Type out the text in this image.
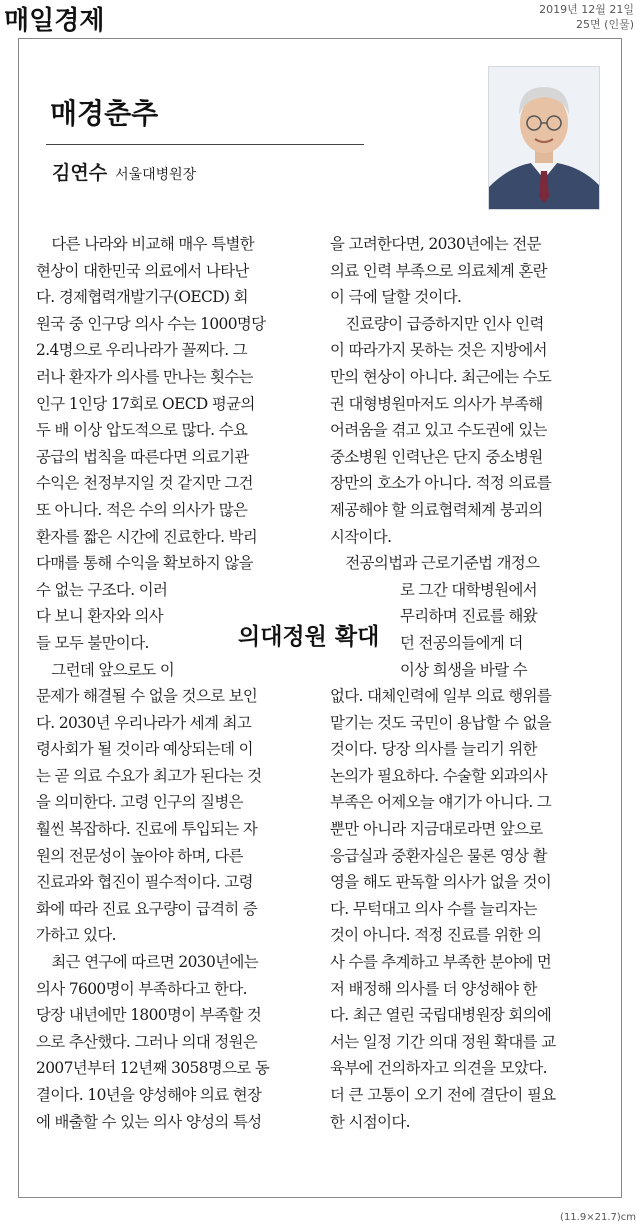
매일경제	2019년 12월 21일
25면 (인물)
매경춘추
김연수 서울대병원장
다른 나라와 비교해 매우 특별한
현상이 대한민국 의료에서 나타난
다. 경제협력개발기구(OECD) 회
원국 중 인구당 의사 수는 1000명당
2.4명으로 우리나라가 꼴찌다. 그
러나 환자가 의사를 만나는 횟수는
인구 1인당 17회로 OECD 평균의
두 배 이상 압도적으로 많다. 수요
공급의 법칙을 따른다면 의료기관
수익은 천정부지일 것 같지만 그건
또 아니다. 적은 수의 의사가 많은
환자를 짧은 시간에 진료한다. 박리
다매를 통해 수익을 확보하지 않을
수 없는 구조다. 이러
다 보니 환자와 의사
들 모두 불만이다.
그런데 앞으로도 이
문제가 해결될 수 없을 것으로 보인
다. 2030년 우리나라가 세계 최고
령사회가 될 것이라 예상되는데 이
는 곧 의료 수요가 최고가 된다는 것
을 의미한다. 고령 인구의 질병은
훨씬 복잡하다. 진료에 투입되는 자
원의 전문성이 높아야 하며, 다른
진료과와 협진이 필수적이다. 고령
화에 따라 진료 요구량이 급격히 증
가하고 있다.
최근 연구에 따르면 2030년에는
의사 7600명이 부족하다고 한다.
당장 내년에만 1800명이 부족할 것
으로 추산했다. 그러나 의대 정원은
2007년부터 12년째 3058명으로 동
결이다. 10년을 양성해야 의료 현장
에 배출할 수 있는 의사 양성의 특성
을 고려한다면, 2030년에는 전문
의료 인력 부족으로 의료체계 혼란
이 극에 달할 것이다.
진료량이 급증하지만 인사 인력
이 따라가지 못하는 것은 지방에서
만의 현상이 아니다. 최근에는 수도
권 대형병원마저도 의사가 부족해
어려움을 겪고 있고 수도권에 있는
중소병원 인력난은 단지 중소병원
장만의 호소가 아니다. 적정 의료를
제공해야 할 의료협력체계 붕괴의
시작이다.
전공의법과 근로기준법 개정으
로 그간 대학병원에서
무리하며 진료를 해왔
던 전공의들에게 더
이상 희생을 바랄 수
없다. 대체인력에 일부 의료 행위를
맡기는 것도 국민이 용납할 수 없을
것이다. 당장 의사를 늘리기 위한
논의가 필요하다. 수술할 외과의사
부족은 어제오늘 얘기가 아니다. 그
뿐만 아니라 지금대로라면 앞으로
응급실과 중환자실은 물론 영상 촬
영을 해도 판독할 의사가 없을 것이
다. 무턱대고 의사 수를 늘리자는
것이 아니다. 적정 진료를 위한 의
사 수를 추계하고 부족한 분야에 먼
저 배정해 의사를 더 양성해야 한
다. 최근 열린 국립대병원장 회의에
서는 일정 기간 의대 정원 확대를 교
육부에 건의하자고 의견을 모았다.
더 큰 고통이 오기 전에 결단이 필요
한 시점이다.
의대정원 확대
(11.9×21.7)cm
